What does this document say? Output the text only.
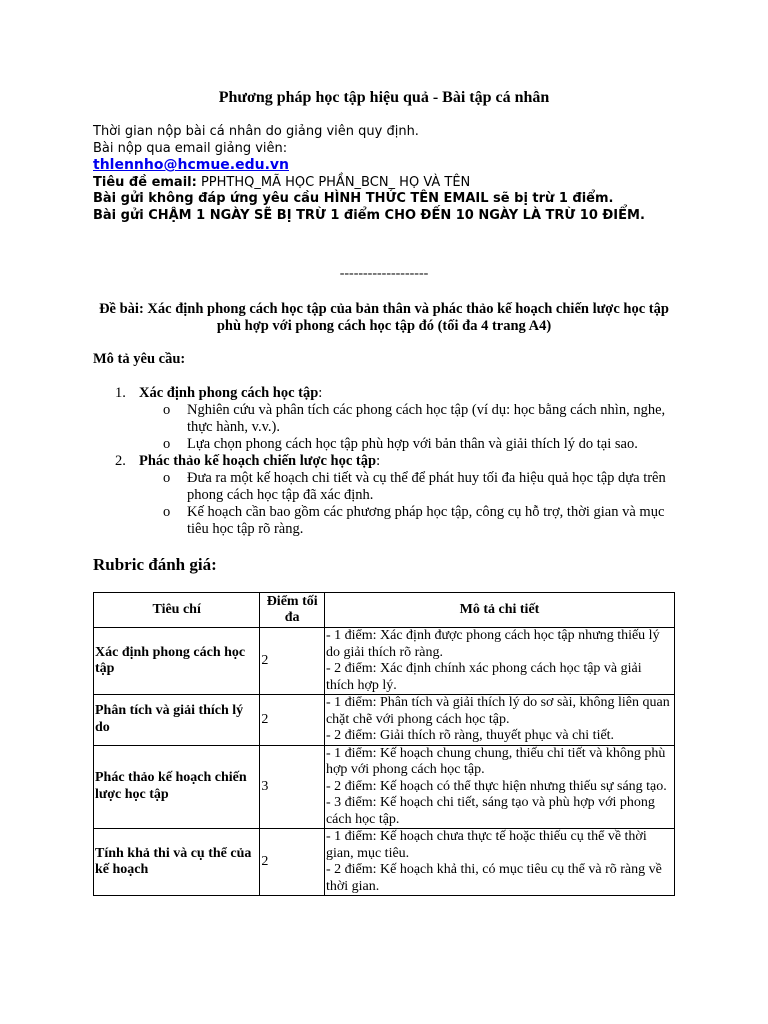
Phương pháp học tập hiệu quả - Bài tập cá nhân
Thời gian nộp bài cá nhân do giảng viên quy định.
Bài nộp qua email giảng viên:
thlennho@hcmue.edu.vn
Tiêu đề email: PPHTHQ_MÃ HỌC PHẦN_BCN_ HỌ VÀ TÊN
Bài gửi không đáp ứng yêu cầu HÌNH THỨC TÊN EMAIL sẽ bị trừ 1 điểm.
Bài gửi CHẬM 1 NGÀY SẼ BỊ TRỪ 1 điểm CHO ĐẾN 10 NGÀY LÀ TRỪ 10 ĐIỂM.
-------------------
Đề bài: Xác định phong cách học tập của bản thân và phác thảo kế hoạch chiến lược học tập phù hợp với phong cách học tập đó (tối đa 4 trang A4)
Mô tả yêu cầu:
1. Xác định phong cách học tập:
o Nghiên cứu và phân tích các phong cách học tập (ví dụ: học bằng cách nhìn, nghe, thực hành, v.v.).
o Lựa chọn phong cách học tập phù hợp với bản thân và giải thích lý do tại sao.
2. Phác thảo kế hoạch chiến lược học tập:
o Đưa ra một kế hoạch chi tiết và cụ thể để phát huy tối đa hiệu quả học tập dựa trên phong cách học tập đã xác định.
o Kế hoạch cần bao gồm các phương pháp học tập, công cụ hỗ trợ, thời gian và mục tiêu học tập rõ ràng.
Rubric đánh giá:
Tiêu chí	Điểm tối đa	Mô tả chi tiết
Xác định phong cách học tập	2	- 1 điểm: Xác định được phong cách học tập nhưng thiếu lý do giải thích rõ ràng.
- 2 điểm: Xác định chính xác phong cách học tập và giải thích hợp lý.

Phân tích và giải thích lý do	2	- 1 điểm: Phân tích và giải thích lý do sơ sài, không liên quan chặt chẽ với phong cách học tập.
- 2 điểm: Giải thích rõ ràng, thuyết phục và chi tiết.

Phác thảo kế hoạch chiến lược học tập	3	- 1 điểm: Kế hoạch chung chung, thiếu chi tiết và không phù hợp với phong cách học tập.
- 2 điểm: Kế hoạch có thể thực hiện nhưng thiếu sự sáng tạo.
- 3 điểm: Kế hoạch chi tiết, sáng tạo và phù hợp với phong cách học tập.

Tính khả thi và cụ thể của kế hoạch	2	- 1 điểm: Kế hoạch chưa thực tế hoặc thiếu cụ thể về thời gian, mục tiêu.
- 2 điểm: Kế hoạch khả thi, có mục tiêu cụ thể và rõ ràng về thời gian.
